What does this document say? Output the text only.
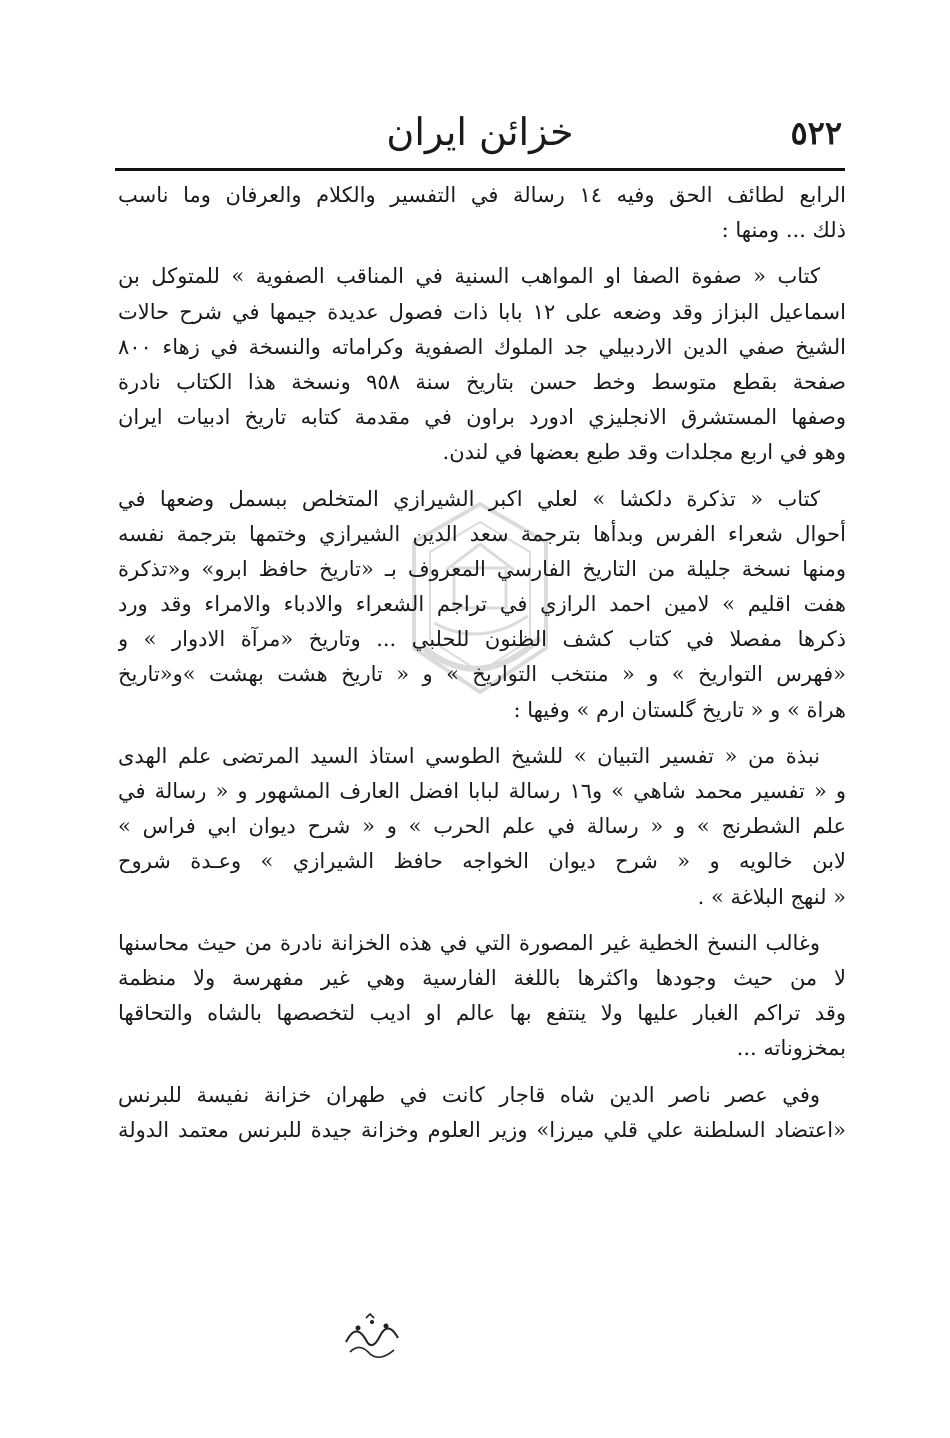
٥٢٢
خزائن ايران
الرابع لطائف الحق وفيه ١٤ رسالة في التفسير والكلام والعرفان وما ناسب
ذلك ... ومنها :
كتاب « صفوة الصفا او المواهب السنية في المناقب الصفوية » للمتوكل بن
اسماعيل البزاز وقد وضعه على ١٢ بابا ذات فصول عديدة جيمها في شرح حالات
الشيخ صفي الدين الاردبيلي جد الملوك الصفوية وكراماته والنسخة في زهاء ٨٠٠
صفحة بقطع متوسط وخط حسن بتاريخ سنة ٩٥٨ ونسخة هذا الكتاب نادرة
وصفها المستشرق الانجليزي ادورد براون في مقدمة كتابه تاريخ ادبيات ايران
وهو في اربع مجلدات وقد طبع بعضها في لندن.
كتاب « تذكرة دلكشا » لعلي اكبر الشيرازي المتخلص ببسمل وضعها في
أحوال شعراء الفرس وبدأها بترجمة سعد الدين الشيرازي وختمها بترجمة نفسه
ومنها نسخة جليلة من التاريخ الفارسي المعروف بـ «تاريخ حافظ ابرو» و«تذكرة
هفت اقليم » لامين احمد الرازي في تراجم الشعراء والادباء والامراء وقد ورد
ذكرها مفصلا في كتاب كشف الظنون للحلبي ... وتاريخ «مرآة الادوار » و
«فهرس التواريخ » و « منتخب التواريخ » و « تاريخ هشت بهشت »و«تاريخ
هراة » و « تاريخ گلستان ارم » وفيها :
نبذة من « تفسير التبيان » للشيخ الطوسي استاذ السيد المرتضى علم الهدى
و « تفسير محمد شاهي » و١٦ رسالة لبابا افضل العارف المشهور و « رسالة في
علم الشطرنج » و « رسالة في علم الحرب » و « شرح ديوان ابي فراس »
لابن خالويه و « شرح ديوان الخواجه حافظ الشيرازي » وعـدة شروح
« لنهج البلاغة » .
وغالب النسخ الخطية غير المصورة التي في هذه الخزانة نادرة من حيث محاسنها
لا من حيث وجودها واكثرها باللغة الفارسية وهي غير مفهرسة ولا منظمة
وقد تراكم الغبار عليها ولا ينتفع بها عالم او اديب لتخصصها بالشاه والتحاقها
بمخزوناته ...
وفي عصر ناصر الدين شاه قاجار كانت في طهران خزانة نفيسة للبرنس
«اعتضاد السلطنة علي قلي ميرزا» وزير العلوم وخزانة جيدة للبرنس معتمد الدولة
